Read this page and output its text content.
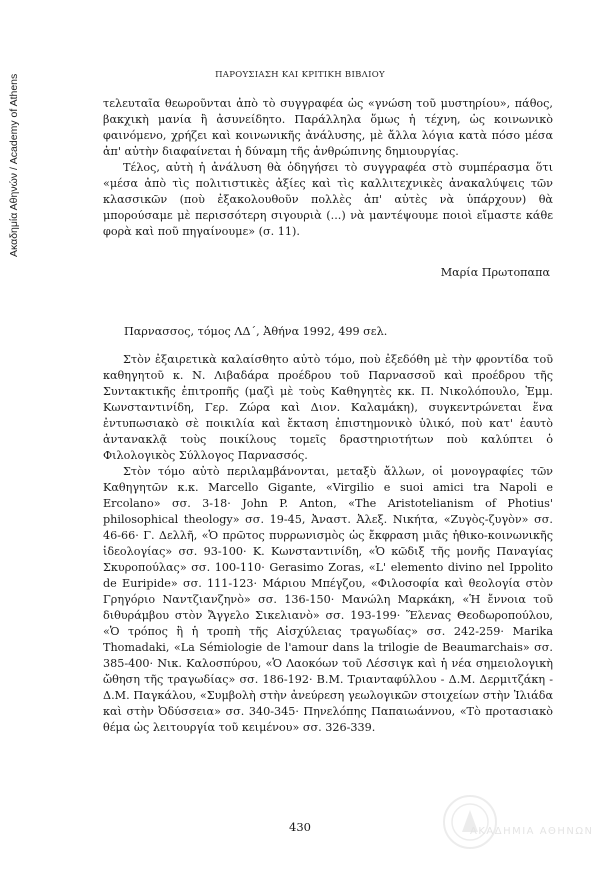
Ακαδημία Αθηνών / Academy of Athens	ΠΑΡΟΥΣΙΑΣΗ ΚΑΙ ΚΡΙΤΙΚΗ ΒΙΒΛΙΟΥ

τελευταῖα θεωροῦνται ἀπὸ τὸ συγγραφέα ὡς «γνώση τοῦ μυστηρίου», πάθος, βακχικὴ μανία ἢ ἀσυνείδητο. Παράλληλα ὅμως ἡ τέχνη, ὡς κοινωνικὸ φαινόμενο, χρήζει καὶ κοινωνικῆς ἀνάλυσης, μὲ ἄλλα λόγια κατὰ πόσο μέσα ἀπ' αὐτὴν διαφαίνεται ἡ δύναμη τῆς ἀνθρώπινης δημιουργίας.

Τέλος, αὐτὴ ἡ ἀνάλυση θὰ ὁδηγήσει τὸ συγγραφέα στὸ συμπέρασμα ὅτι «μέσα ἀπὸ τὶς πολιτιστικὲς ἀξίες καὶ τὶς καλλιτεχνικὲς ἀνακαλύψεις τῶν κλασσικῶν (ποὺ ἐξακολουθοῦν πολλὲς ἀπ' αὐτὲς νὰ ὑπάρχουν) θὰ μπορούσαμε μὲ περισσότερη σιγουριὰ (...) νὰ μαντέψουμε ποιοὶ εἴμαστε κάθε φορὰ καὶ ποῦ πηγαίνουμε» (σ. 11).

Μαρία Πρωτοπαπα
Παρνασσος, τόμος ΛΔ΄, Ἀθήνα 1992, 499 σελ.

Στὸν ἐξαιρετικὰ καλαίσθητο αὐτὸ τόμο, ποὺ ἐξεδόθη μὲ τὴν φροντίδα τοῦ καθηγητοῦ κ. Ν. Λιβαδάρα προέδρου τοῦ Παρνασσοῦ καὶ προέδρου τῆς Συντακτικῆς ἐπιτροπῆς (μαζὶ μὲ τοὺς Καθηγητὲς κκ. Π. Νικολόπουλο, Ἐμμ. Κωνσταντινίδη, Γερ. Ζώρα καὶ Διον. Καλαμάκη), συγκεντρώνεται ἕνα ἐντυπωσιακὸ σὲ ποικιλία καὶ ἔκταση ἐπιστημονικὸ ὑλικό, ποὺ κατ' ἑαυτὸ ἀντανακλᾷ τοὺς ποικίλους τομεῖς δραστηριοτήτων ποὺ καλύπτει ὁ Φιλολογικὸς Σύλλογος Παρνασσός.

Στὸν τόμο αὐτὸ περιλαμβάνονται, μεταξὺ ἄλλων, οἱ μονογραφίες τῶν Καθηγητῶν κ.κ. Marcello Gigante, «Virgilio e suoi amici tra Napoli e Ercolano» σσ. 3-18· John P. Anton, «The Aristotelianism of Photius' philosophical theology» σσ. 19-45, Ἀναστ. Ἀλεξ. Νικήτα, «Ζυγὸς-ζυγὸν» σσ. 46-66· Γ. Δελλῆ, «Ὁ πρῶτος πυρρωνισμὸς ὡς ἔκφραση μιᾶς ἠθικο-κοινωνικῆς ἰδεολογίας» σσ. 93-100· Κ. Κωνσταντινίδη, «Ὁ κῶδιξ τῆς μονῆς Παναγίας Σκυροπούλας» σσ. 100-110· Gerasimo Zoras, «L' elemento divino nel Ippolito de Euripide» σσ. 111-123· Μάριου Μπέγζου, «Φιλοσοφία καὶ θεολογία στὸν Γρηγόριο Ναντζιανζηνὸ» σσ. 136-150· Μανώλη Μαρκάκη, «Ἡ ἔννοια τοῦ διθυράμβου στὸν Ἄγγελο Σικελιανὸ» σσ. 193-199· Ἕλενας Θεοδωροπούλου, «Ὁ τρόπος ἢ ἡ τροπὴ τῆς Αἰσχύλειας τραγωδίας» σσ. 242-259· Marika Thomadaki, «La Sémiologie de l'amour dans la trilogie de Beaumarchais» σσ. 385-400· Νικ. Καλοσπύρου, «Ὁ Λαοκόων τοῦ Λέσσιγκ καὶ ἡ νέα σημειολογικὴ ὤθηση τῆς τραγωδίας» σσ. 186-192· Β.Μ. Τριανταφύλλου - Δ.Μ. Δερμιτζάκη - Δ.Μ. Παγκάλου, «Συμβολὴ στὴν ἀνεύρεση γεωλογικῶν στοιχείων στὴν Ἰλιάδα καὶ στὴν Ὀδύσσεια» σσ. 340-345· Πηνελόπης Παπαιωάννου, «Τὸ προτασιακὸ θέμα ὡς λειτουργία τοῦ κειμένου» σσ. 326-339.

430	ΑΚΑΔΗΜΙΑ ΑΘΗΝΩΝ
